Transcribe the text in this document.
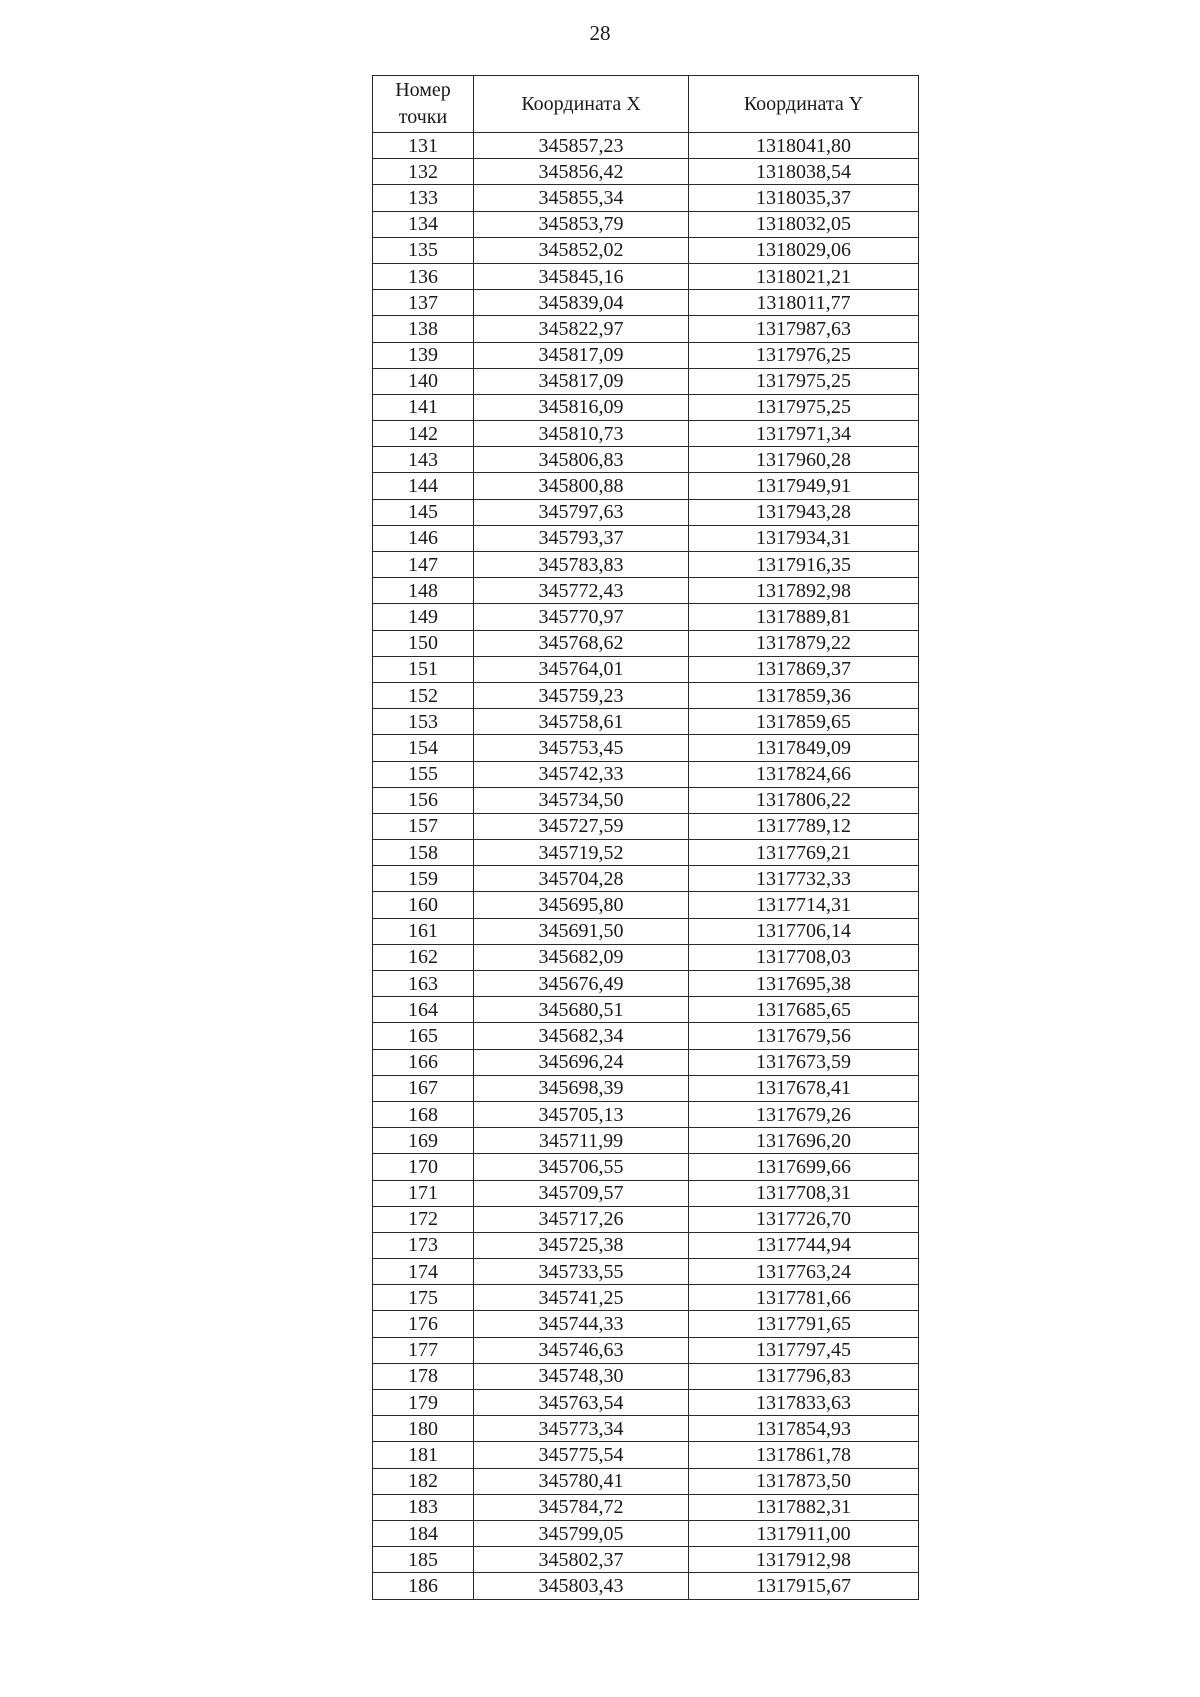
28
Номер
точки	Координата X	Координата Y
131	345857,23	1318041,80
132	345856,42	1318038,54
133	345855,34	1318035,37
134	345853,79	1318032,05
135	345852,02	1318029,06
136	345845,16	1318021,21
137	345839,04	1318011,77
138	345822,97	1317987,63
139	345817,09	1317976,25
140	345817,09	1317975,25
141	345816,09	1317975,25
142	345810,73	1317971,34
143	345806,83	1317960,28
144	345800,88	1317949,91
145	345797,63	1317943,28
146	345793,37	1317934,31
147	345783,83	1317916,35
148	345772,43	1317892,98
149	345770,97	1317889,81
150	345768,62	1317879,22
151	345764,01	1317869,37
152	345759,23	1317859,36
153	345758,61	1317859,65
154	345753,45	1317849,09
155	345742,33	1317824,66
156	345734,50	1317806,22
157	345727,59	1317789,12
158	345719,52	1317769,21
159	345704,28	1317732,33
160	345695,80	1317714,31
161	345691,50	1317706,14
162	345682,09	1317708,03
163	345676,49	1317695,38
164	345680,51	1317685,65
165	345682,34	1317679,56
166	345696,24	1317673,59
167	345698,39	1317678,41
168	345705,13	1317679,26
169	345711,99	1317696,20
170	345706,55	1317699,66
171	345709,57	1317708,31
172	345717,26	1317726,70
173	345725,38	1317744,94
174	345733,55	1317763,24
175	345741,25	1317781,66
176	345744,33	1317791,65
177	345746,63	1317797,45
178	345748,30	1317796,83
179	345763,54	1317833,63
180	345773,34	1317854,93
181	345775,54	1317861,78
182	345780,41	1317873,50
183	345784,72	1317882,31
184	345799,05	1317911,00
185	345802,37	1317912,98
186	345803,43	1317915,67
